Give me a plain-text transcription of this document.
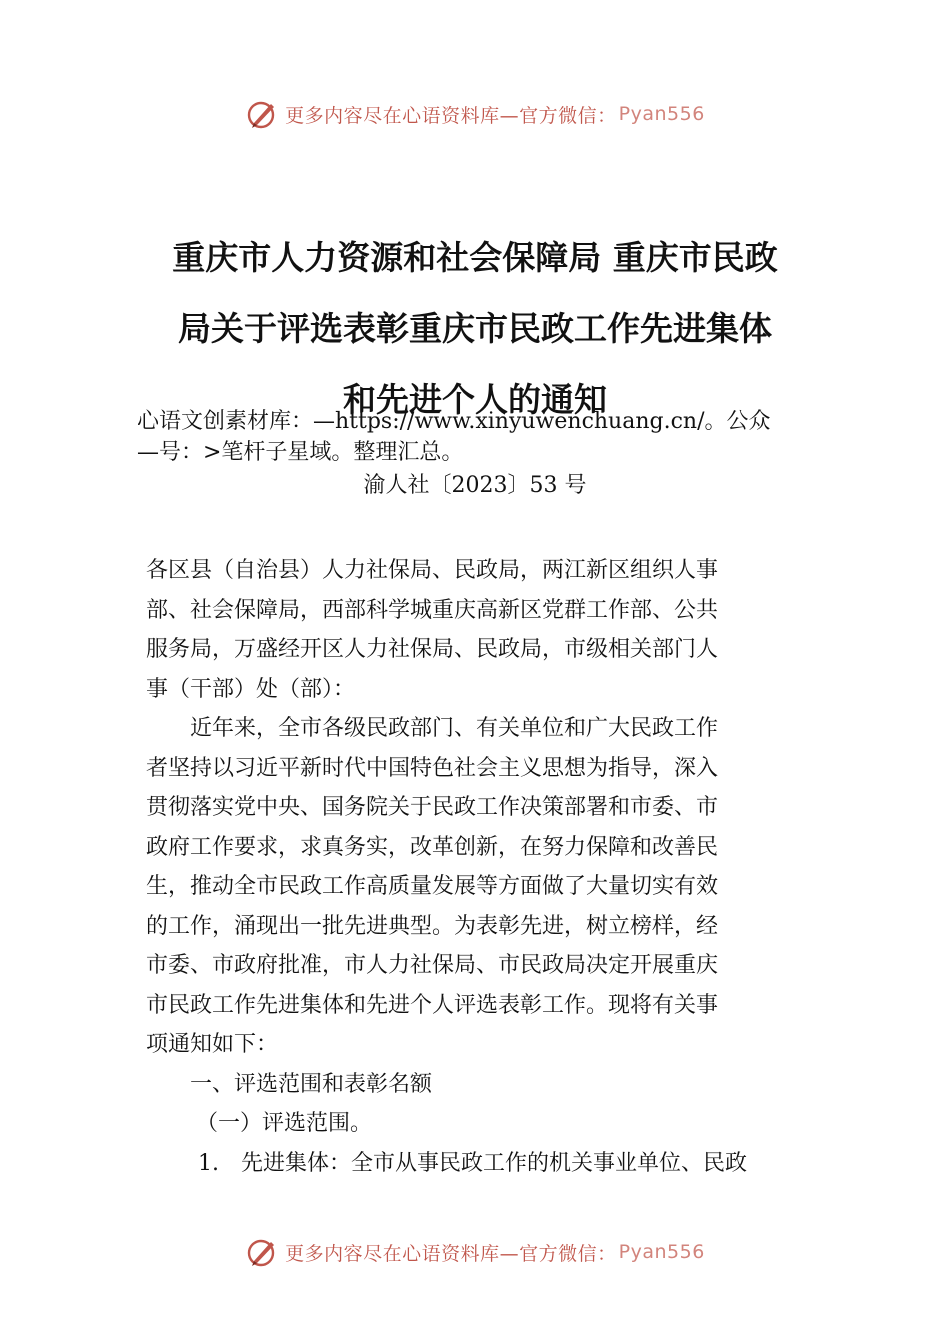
更多内容尽在心语资料库—官方微信： Pyan556
重庆市人力资源和社会保障局 重庆市民政
局关于评选表彰重庆市民政工作先进集体
和先进个人的通知
心语文创素材库：—https://www.xinyuwenchuang.cn/。公众
—号：>笔杆子星域。整理汇总。
渝人社〔2023〕53 号
各区县（自治县）人力社保局、民政局，两江新区组织人事
部、社会保障局，西部科学城重庆高新区党群工作部、公共
服务局，万盛经开区人力社保局、民政局，市级相关部门人
事（干部）处（部）：
近年来，全市各级民政部门、有关单位和广大民政工作
者坚持以习近平新时代中国特色社会主义思想为指导，深入
贯彻落实党中央、国务院关于民政工作决策部署和市委、市
政府工作要求，求真务实，改革创新，在努力保障和改善民
生，推动全市民政工作高质量发展等方面做了大量切实有效
的工作，涌现出一批先进典型。为表彰先进，树立榜样，经
市委、市政府批准，市人力社保局、市民政局决定开展重庆
市民政工作先进集体和先进个人评选表彰工作。现将有关事
项通知如下：
一、评选范围和表彰名额
（一）评选范围。
1.　先进集体：全市从事民政工作的机关事业单位、民政
更多内容尽在心语资料库—官方微信： Pyan556
